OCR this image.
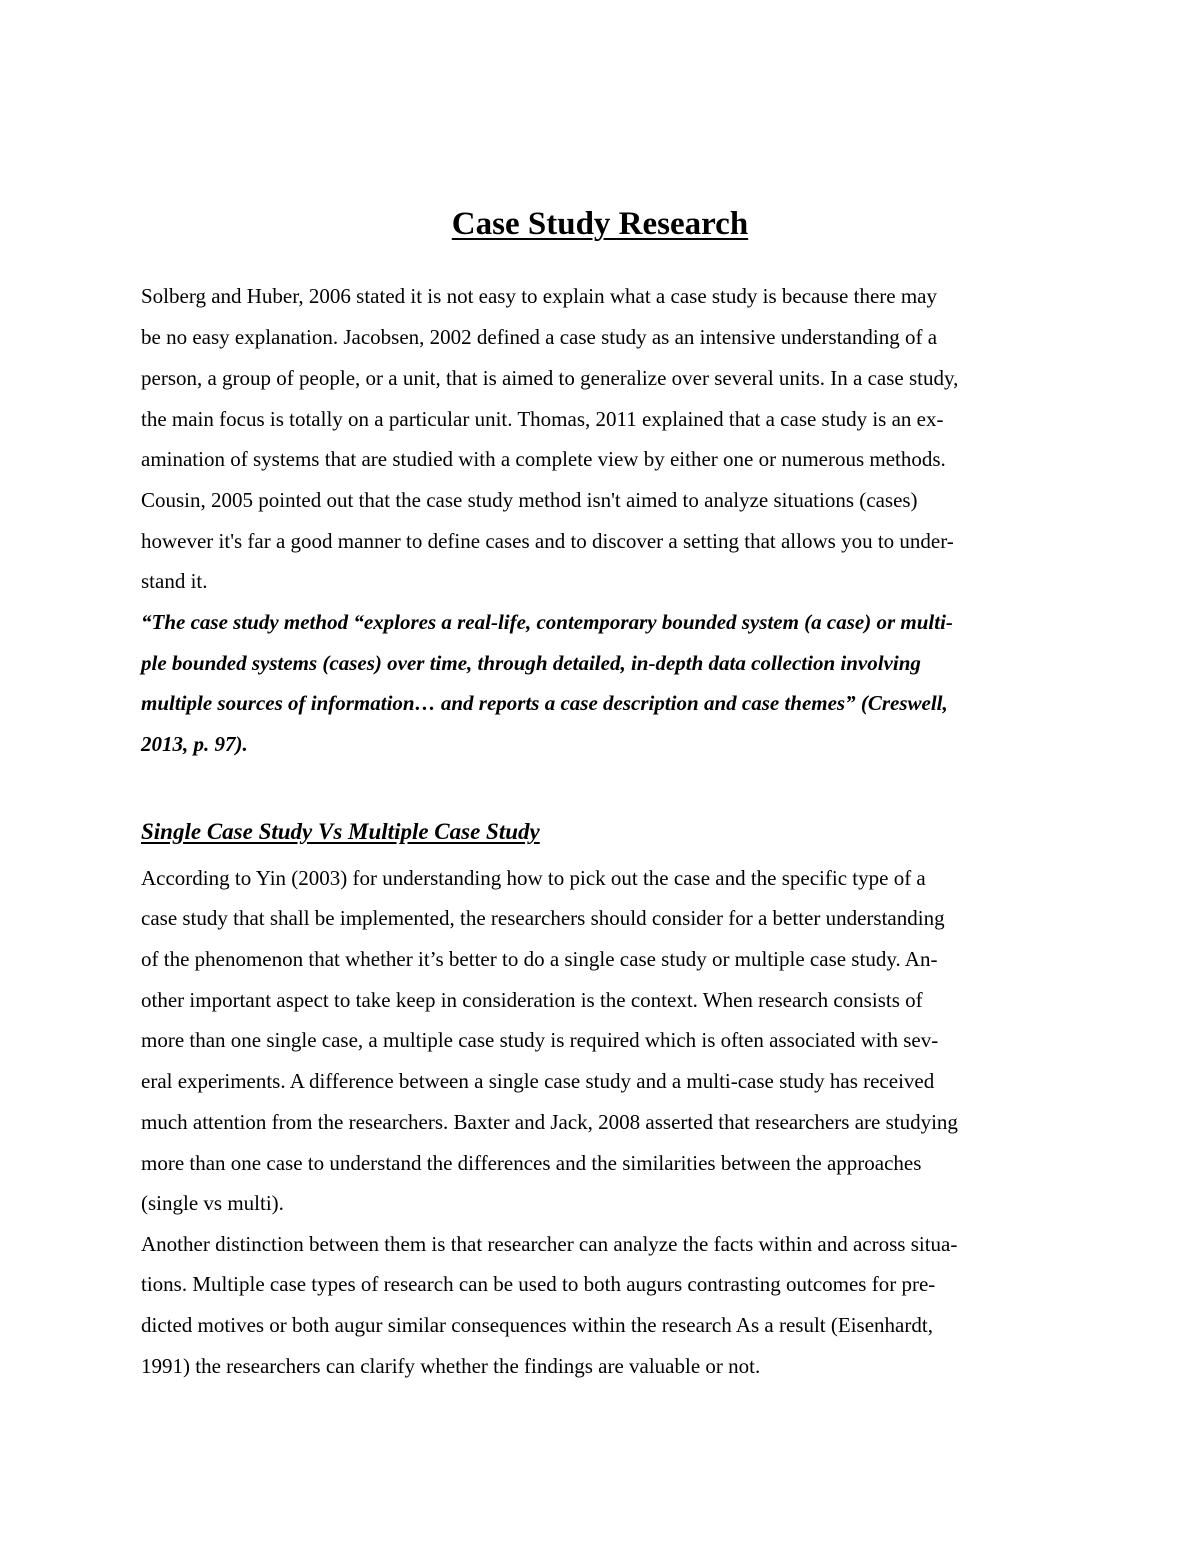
Case Study Research

Solberg and Huber, 2006 stated it is not easy to explain what a case study is because there may

be no easy explanation. Jacobsen, 2002 defined a case study as an intensive understanding of a

person, a group of people, or a unit, that is aimed to generalize over several units. In a case study,

the main focus is totally on a particular unit. Thomas, 2011 explained that a case study is an ex-

amination of systems that are studied with a complete view by either one or numerous methods.

Cousin, 2005 pointed out that the case study method isn't aimed to analyze situations (cases)

however it's far a good manner to define cases and to discover a setting that allows you to under-

stand it.

“The case study method “explores a real-life, contemporary bounded system (a case) or multi-

ple bounded systems (cases) over time, through detailed, in-depth data collection involving

multiple sources of information… and reports a case description and case themes” (Creswell,

2013, p. 97).

Single Case Study Vs Multiple Case Study

According to Yin (2003) for understanding how to pick out the case and the specific type of a

case study that shall be implemented, the researchers should consider for a better understanding

of the phenomenon that whether it’s better to do a single case study or multiple case study. An-

other important aspect to take keep in consideration is the context. When research consists of

more than one single case, a multiple case study is required which is often associated with sev-

eral experiments. A difference between a single case study and a multi-case study has received

much attention from the researchers. Baxter and Jack, 2008 asserted that researchers are studying

more than one case to understand the differences and the similarities between the approaches

(single vs multi).

Another distinction between them is that researcher can analyze the facts within and across situa-

tions. Multiple case types of research can be used to both augurs contrasting outcomes for pre-

dicted motives or both augur similar consequences within the research As a result (Eisenhardt,

1991) the researchers can clarify whether the findings are valuable or not.
